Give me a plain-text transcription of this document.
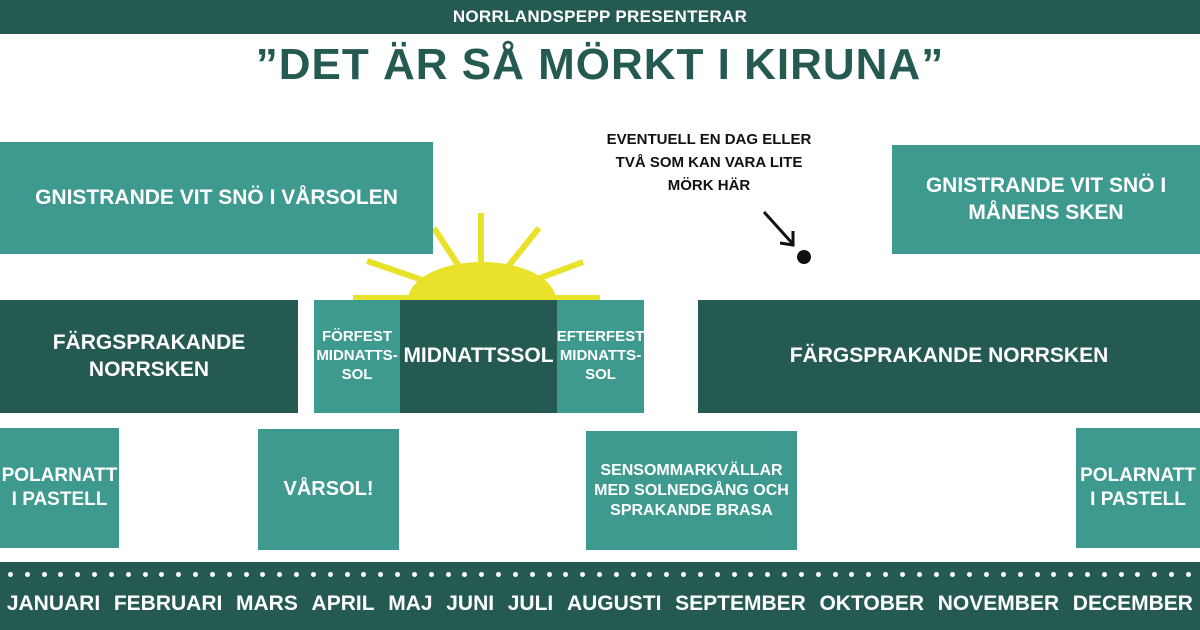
NORRLANDSPEPP PRESENTERAR
”DET ÄR SÅ MÖRKT I KIRUNA”
GNISTRANDE VIT SNÖ I VÅRSOLEN
GNISTRANDE VIT SNÖ I MÅNENS SKEN
EVENTUELL EN DAG ELLER TVÅ SOM KAN VARA LITE MÖRK HÄR
FÄRGSPRAKANDE NORRSKEN
FÖRFEST MIDNATTS-SOL
MIDNATTSSOL
EFTERFEST MIDNATTS-SOL
FÄRGSPRAKANDE NORRSKEN
POLARNATT I PASTELL	VÅRSOL!
SENSOMMARKVÄLLAR MED SOLNEDGÅNG OCH SPRAKANDE BRASA
POLARNATT I PASTELL
JANUARI FEBRUARI MARS APRIL MAJ JUNI JULI AUGUSTI SEPTEMBER OKTOBER NOVEMBER DECEMBER
